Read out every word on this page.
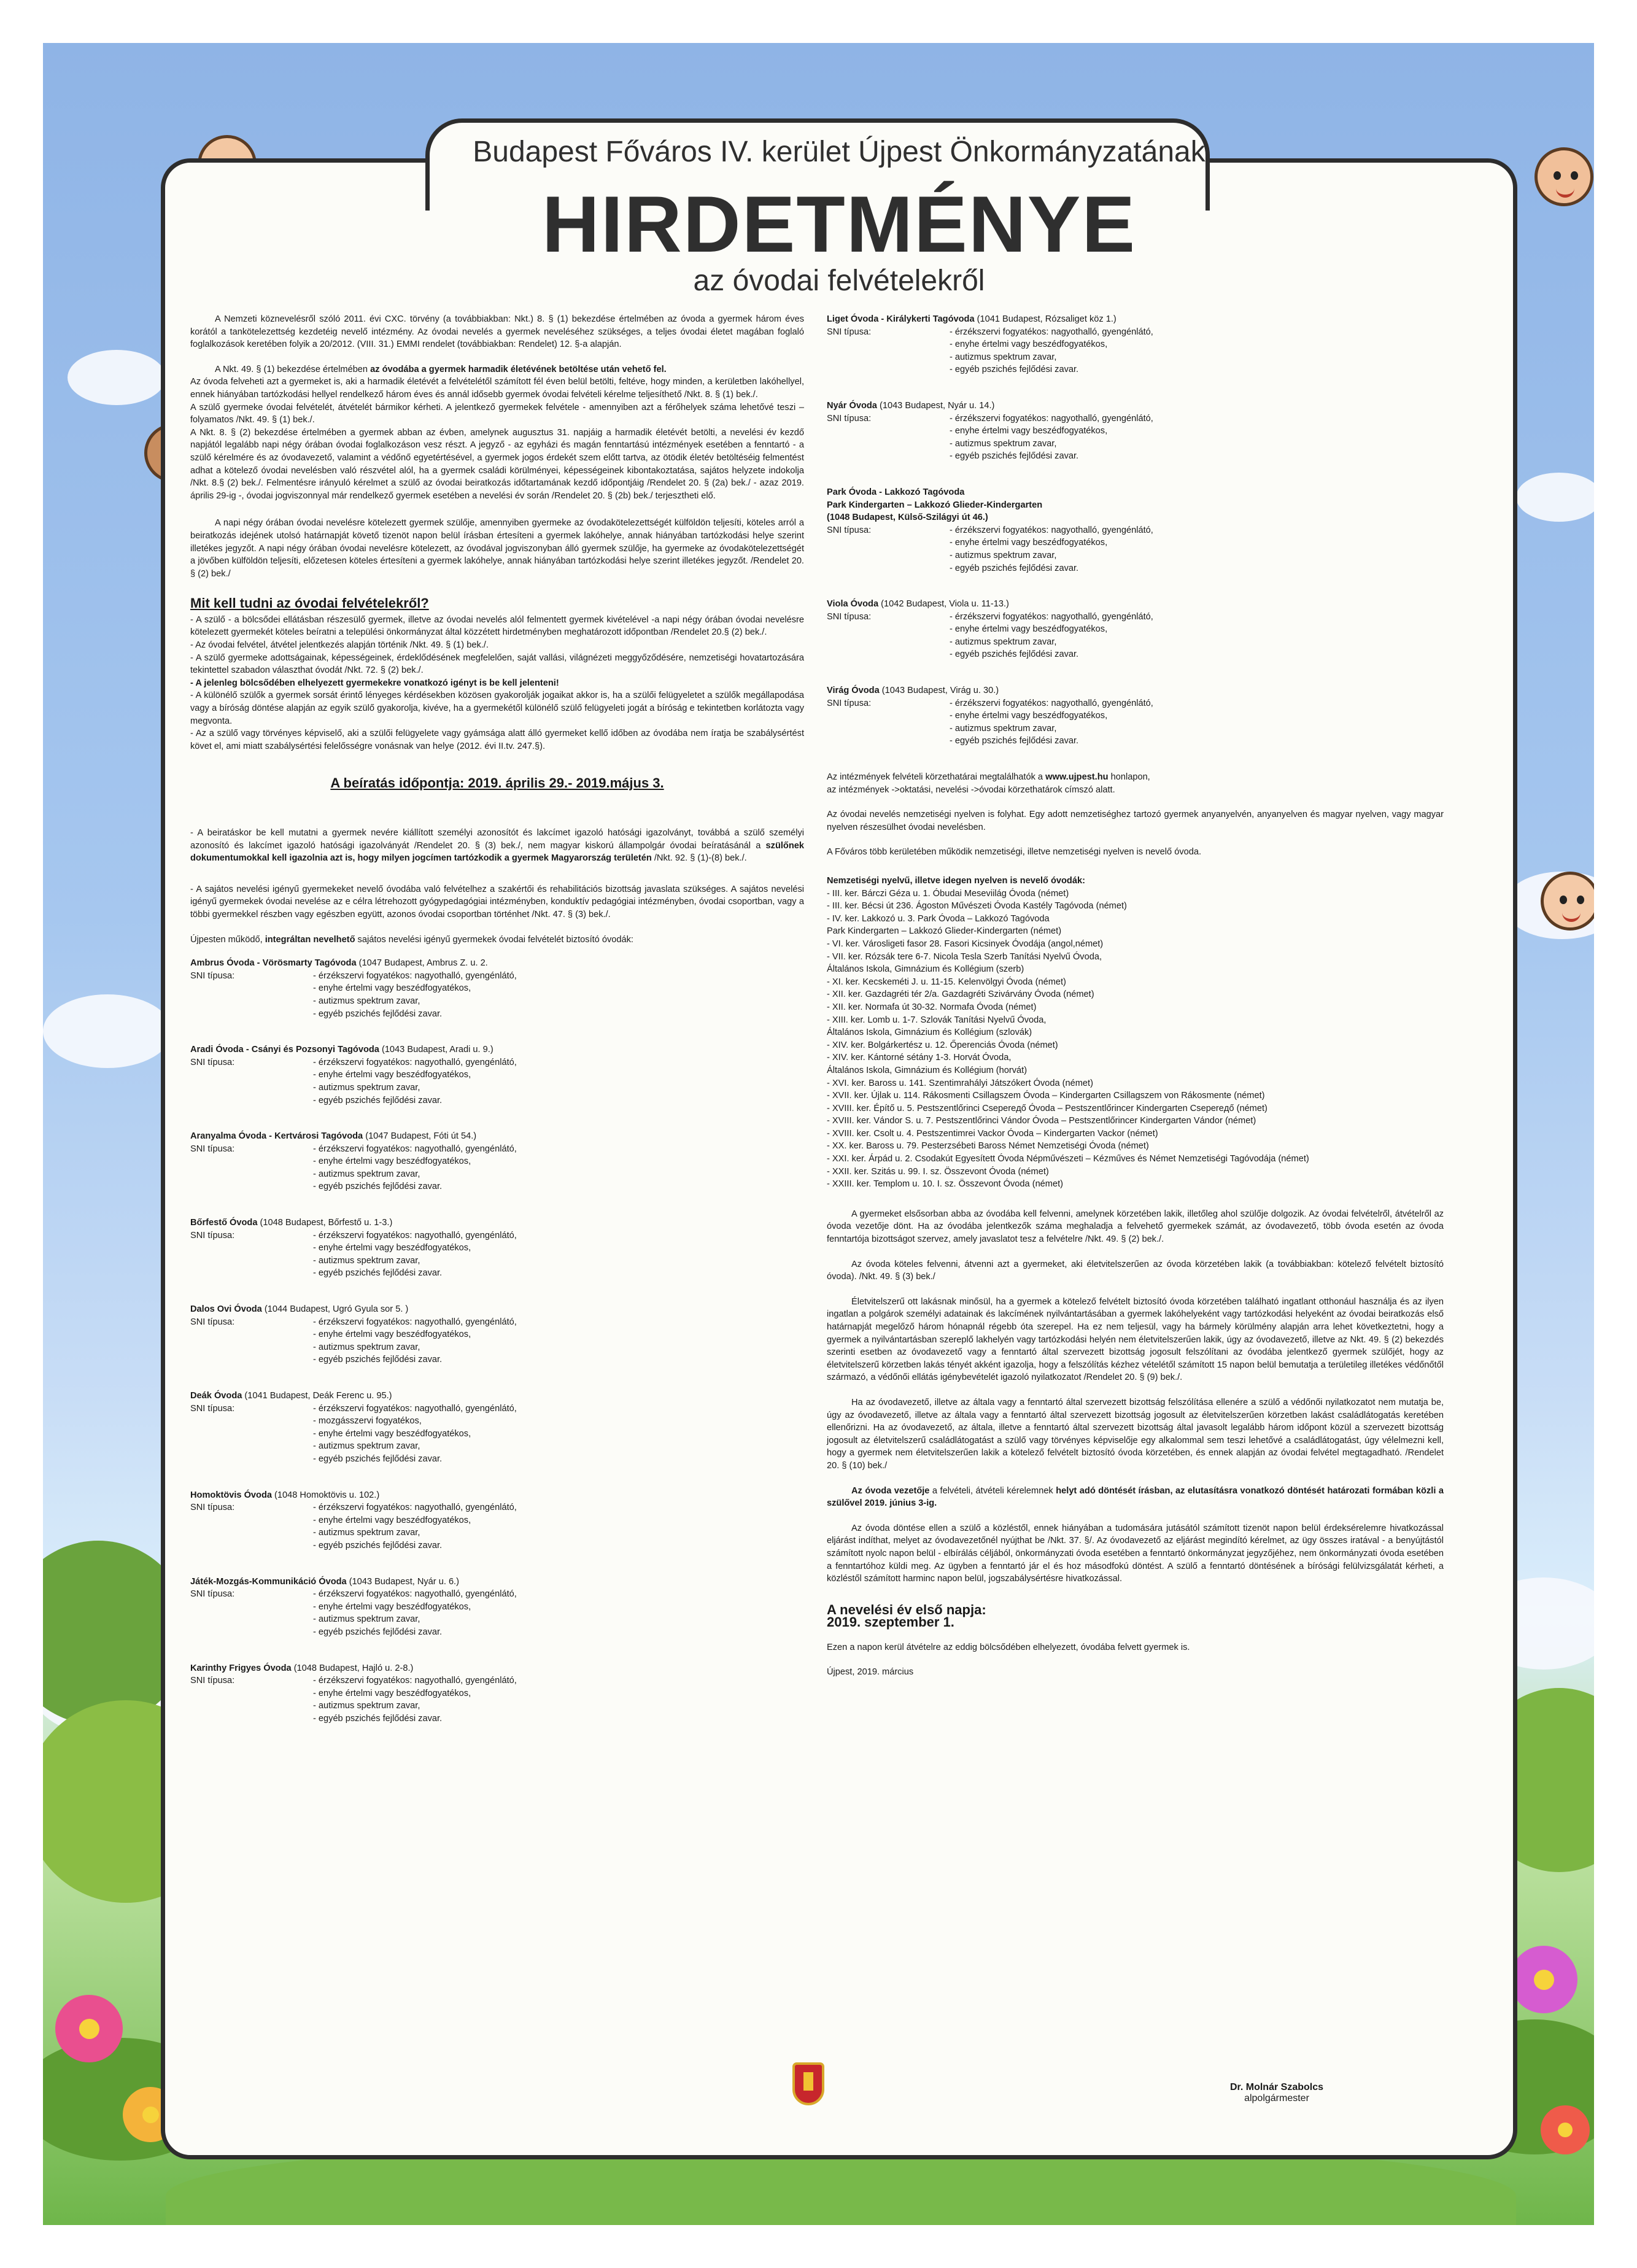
Budapest Főváros IV. kerület Újpest Önkormányzatának
HIRDETMÉNYE
az óvodai felvételekről

A Nemzeti köznevelésről szóló 2011. évi CXC. törvény (a továbbiakban: Nkt.) 8. § (1) bekezdése értelmében az óvoda a gyermek három éves korától a tankötelezettség kezdetéig nevelő intézmény. Az óvodai nevelés a gyermek neveléséhez szükséges, a teljes óvodai életet magában foglaló foglalkozások keretében folyik a 20/2012. (VIII. 31.) EMMI rendelet (továbbiakban: Rendelet) 12. §-a alapján.

A Nkt. 49. § (1) bekezdése értelmében az óvodába a gyermek harmadik életévének betöltése után vehető fel.

Az óvoda felveheti azt a gyermeket is, aki a harmadik életévét a felvételétől számított fél éven belül betölti, feltéve, hogy minden, a kerületben lakóhellyel, ennek hiányában tartózkodási hellyel rendelkező három éves és annál idősebb gyermek óvodai felvételi kérelme teljesíthető /Nkt. 8. § (1) bek./.

A szülő gyermeke óvodai felvételét, átvételét bármikor kérheti. A jelentkező gyermekek felvétele - amennyiben azt a férőhelyek száma lehetővé teszi – folyamatos /Nkt. 49. § (1) bek./.

A Nkt. 8. § (2) bekezdése értelmében a gyermek abban az évben, amelynek augusztus 31. napjáig a harmadik életévét betölti, a nevelési év kezdő napjától legalább napi négy órában óvodai foglalkozáson vesz részt. A jegyző - az egyházi és magán fenntartású intézmények esetében a fenntartó - a szülő kérelmére és az óvodavezető, valamint a védőnő egyetértésével, a gyermek jogos érdekét szem előtt tartva, az ötödik életév betöltéséig felmentést adhat a kötelező óvodai nevelésben való részvétel alól, ha a gyermek családi körülményei, képességeinek kibontakoztatása, sajátos helyzete indokolja /Nkt. 8.§ (2) bek./. Felmentésre irányuló kérelmet a szülő az óvodai beiratkozás időtartamának kezdő időpontjáig /Rendelet 20. § (2a) bek./ - azaz 2019. április 29-ig -, óvodai jogviszonnyal már rendelkező gyermek esetében a nevelési év során /Rendelet 20. § (2b) bek./ terjesztheti elő.

A napi négy órában óvodai nevelésre kötelezett gyermek szülője, amennyiben gyermeke az óvodakötelezettségét külföldön teljesíti, köteles arról a beiratkozás idejének utolsó határnapját követő tizenöt napon belül írásban értesíteni a gyermek lakóhelye, annak hiányában tartózkodási helye szerint illetékes jegyzőt. A napi négy órában óvodai nevelésre kötelezett, az óvodával jogviszonyban álló gyermek szülője, ha gyermeke az óvodakötelezettségét a jövőben külföldön teljesíti, előzetesen köteles értesíteni a gyermek lakóhelye, annak hiányában tartózkodási helye szerint illetékes jegyzőt. /Rendelet 20. § (2) bek./

Mit kell tudni az óvodai felvételekről?

- A szülő - a bölcsődei ellátásban részesülő gyermek, illetve az óvodai nevelés alól felmentett gyermek kivételével -a napi négy órában óvodai nevelésre kötelezett gyermekét köteles beíratni a települési önkormányzat által közzétett hirdetményben meghatározott időpontban /Rendelet 20.§ (2) bek./.

- Az óvodai felvétel, átvétel jelentkezés alapján történik /Nkt. 49. § (1) bek./.

- A szülő gyermeke adottságainak, képességeinek, érdeklődésének megfelelően, saját vallási, világnézeti meggyőződésére, nemzetiségi hovatartozására tekintettel szabadon választhat óvodát /Nkt. 72. § (2) bek./.

- A jelenleg bölcsődében elhelyezett gyermekekre vonatkozó igényt is be kell jelenteni!

- A különélő szülők a gyermek sorsát érintő lényeges kérdésekben közösen gyakorolják jogaikat akkor is, ha a szülői felügyeletet a szülők megállapodása vagy a bíróság döntése alapján az egyik szülő gyakorolja, kivéve, ha a gyermekétől különélő szülő felügyeleti jogát a bíróság e tekintetben korlátozta vagy megvonta.

- Az a szülő vagy törvényes képviselő, aki a szülői felügyelete vagy gyámsága alatt álló gyermeket kellő időben az óvodába nem íratja be szabálysértést követ el, ami miatt szabálysértési felelősségre vonásnak van helye (2012. évi II.tv. 247.§).

A beíratás időpontja: 2019. április 29.- 2019.május 3.

- A beiratáskor be kell mutatni a gyermek nevére kiállított személyi azonosítót és lakcímet igazoló hatósági igazolványt, továbbá a szülő személyi azonosító és lakcímet igazoló hatósági igazolványát /Rendelet 20. § (3) bek./, nem magyar kiskorú állampolgár óvodai beíratásánál a szülőnek dokumentumokkal kell igazolnia azt is, hogy milyen jogcímen tartózkodik a gyermek Magyarország területén /Nkt. 92. § (1)-(8) bek./.

- A sajátos nevelési igényű gyermekeket nevelő óvodába való felvételhez a szakértői és rehabilitációs bizottság javaslata szükséges. A sajátos nevelési igényű gyermekek óvodai nevelése az e célra létrehozott gyógypedagógiai intézményben, konduktív pedagógiai intézményben, óvodai csoportban, vagy a többi gyermekkel részben vagy egészben együtt, azonos óvodai csoportban történhet /Nkt. 47. § (3) bek./.

Újpesten működő, integráltan nevelhető sajátos nevelési igényű gyermekek óvodai felvételét biztosító óvodák:

Ambrus Óvoda - Vörösmarty Tagóvoda (1047 Budapest, Ambrus Z. u. 2.
SNI típusa:	- érzékszervi fogyatékos: nagyothalló, gyengénlátó,
- enyhe értelmi vagy beszédfogyatékos,
- autizmus spektrum zavar,
- egyéb pszichés fejlődési zavar.
Aradi Óvoda - Csányi és Pozsonyi Tagóvoda (1043 Budapest, Aradi u. 9.)
SNI típusa:	- érzékszervi fogyatékos: nagyothalló, gyengénlátó,
- enyhe értelmi vagy beszédfogyatékos,
- autizmus spektrum zavar,
- egyéb pszichés fejlődési zavar.
Aranyalma Óvoda - Kertvárosi Tagóvoda (1047 Budapest, Fóti út 54.)
SNI típusa:	- érzékszervi fogyatékos: nagyothalló, gyengénlátó,
- enyhe értelmi vagy beszédfogyatékos,
- autizmus spektrum zavar,
- egyéb pszichés fejlődési zavar.
Bőrfestő Óvoda (1048 Budapest, Bőrfestő u. 1-3.)
SNI típusa:	- érzékszervi fogyatékos: nagyothalló, gyengénlátó,
- enyhe értelmi vagy beszédfogyatékos,
- autizmus spektrum zavar,
- egyéb pszichés fejlődési zavar.
Dalos Ovi Óvoda (1044 Budapest, Ugró Gyula sor 5. )
SNI típusa:	- érzékszervi fogyatékos: nagyothalló, gyengénlátó,
- enyhe értelmi vagy beszédfogyatékos,
- autizmus spektrum zavar,
- egyéb pszichés fejlődési zavar.
Deák Óvoda (1041 Budapest, Deák Ferenc u. 95.)
SNI típusa:	- érzékszervi fogyatékos: nagyothalló, gyengénlátó,
- mozgásszervi fogyatékos,
- enyhe értelmi vagy beszédfogyatékos,
- autizmus spektrum zavar,
- egyéb pszichés fejlődési zavar.
Homoktövis Óvoda (1048 Homoktövis u. 102.)
SNI típusa:	- érzékszervi fogyatékos: nagyothalló, gyengénlátó,
- enyhe értelmi vagy beszédfogyatékos,
- autizmus spektrum zavar,
- egyéb pszichés fejlődési zavar.
Játék-Mozgás-Kommunikáció Óvoda (1043 Budapest, Nyár u. 6.)
SNI típusa:	- érzékszervi fogyatékos: nagyothalló, gyengénlátó,
- enyhe értelmi vagy beszédfogyatékos,
- autizmus spektrum zavar,
- egyéb pszichés fejlődési zavar.
Karinthy Frigyes Óvoda (1048 Budapest, Hajló u. 2-8.)
SNI típusa:	- érzékszervi fogyatékos: nagyothalló, gyengénlátó,
- enyhe értelmi vagy beszédfogyatékos,
- autizmus spektrum zavar,
- egyéb pszichés fejlődési zavar.
Liget Óvoda - Királykerti Tagóvoda (1041 Budapest, Rózsaliget köz 1.)
SNI típusa:	- érzékszervi fogyatékos: nagyothalló, gyengénlátó,
- enyhe értelmi vagy beszédfogyatékos,
- autizmus spektrum zavar,
- egyéb pszichés fejlődési zavar.
Nyár Óvoda (1043 Budapest, Nyár u. 14.)
SNI típusa:	- érzékszervi fogyatékos: nagyothalló, gyengénlátó,
- enyhe értelmi vagy beszédfogyatékos,
- autizmus spektrum zavar,
- egyéb pszichés fejlődési zavar.
Park Óvoda - Lakkozó Tagóvoda
Park Kindergarten – Lakkozó Glieder-Kindergarten
(1048 Budapest, Külső-Szilágyi út 46.)
SNI típusa:	- érzékszervi fogyatékos: nagyothalló, gyengénlátó,
- enyhe értelmi vagy beszédfogyatékos,
- autizmus spektrum zavar,
- egyéb pszichés fejlődési zavar.
Viola Óvoda (1042 Budapest, Viola u. 11-13.)
SNI típusa:	- érzékszervi fogyatékos: nagyothalló, gyengénlátó,
- enyhe értelmi vagy beszédfogyatékos,
- autizmus spektrum zavar,
- egyéb pszichés fejlődési zavar.
Virág Óvoda (1043 Budapest, Virág u. 30.)
SNI típusa:	- érzékszervi fogyatékos: nagyothalló, gyengénlátó,
- enyhe értelmi vagy beszédfogyatékos,
- autizmus spektrum zavar,
- egyéb pszichés fejlődési zavar.

Az intézmények felvételi körzethatárai megtalálhatók a www.ujpest.hu honlapon,

az intézmények ->oktatási, nevelési ->óvodai körzethatárok címszó alatt.

Az óvodai nevelés nemzetiségi nyelven is folyhat. Egy adott nemzetiséghez tartozó gyermek anyanyelvén, anyanyelven és magyar nyelven, vagy magyar nyelven részesülhet óvodai nevelésben.

A Főváros több kerületében működik nemzetiségi, illetve nemzetiségi nyelven is nevelő óvoda.

Nemzetiségi nyelvű, illetve idegen nyelven is nevelő óvodák:
- III. ker. Bárczi Géza u. 1. Óbudai Meseviilág Óvoda (német)
- III. ker. Bécsi út 236. Ágoston Művészeti Óvoda Kastély Tagóvoda (német)
- IV. ker. Lakkozó u. 3. Park Óvoda – Lakkozó Tagóvoda
Park Kindergarten – Lakkozó Glieder-Kindergarten (német)
- VI. ker. Városligeti fasor 28. Fasori Kicsinyek Óvodája (angol,német)
- VII. ker. Rózsák tere 6-7. Nicola Tesla Szerb Tanítási Nyelvű Óvoda,
Általános Iskola, Gimnázium és Kollégium (szerb)
- XI. ker. Kecskeméti J. u. 11-15. Kelenvölgyi Óvoda (német)
- XII. ker. Gazdagréti tér 2/a. Gazdagréti Szivárvány Óvoda (német)
- XII. ker. Normafa út 30-32. Normafa Óvoda (német)
- XIII. ker. Lomb u. 1-7. Szlovák Tanítási Nyelvű Óvoda,
Általános Iskola, Gimnázium és Kollégium (szlovák)
- XIV. ker. Bolgárkertész u. 12. Őperenciás Óvoda (német)
- XIV. ker. Kántorné sétány 1-3. Horvát Óvoda,
Általános Iskola, Gimnázium és Kollégium (horvát)
- XVI. ker. Baross u. 141. Szentimrahályi Játszókert Óvoda (német)
- XVII. ker. Újlak u. 114. Rákosmenti Csillagszem Óvoda – Kindergarten Csillagszem von Rákosmente (német)
- XVIII. ker. Építő u. 5. Pestszentlőrinci Csepereдő Óvoda – Pestszentlőrincer Kindergarten Csepereдő (német)
- XVIII. ker. Vándor S. u. 7. Pestszentlőrinci Vándor Óvoda – Pestszentlőrincer Kindergarten Vándor (német)
- XVIII. ker. Csolt u. 4. Pestszentimrei Vackor Óvoda – Kindergarten Vackor (német)
- XX. ker. Baross u. 79. Pesterzsébeti Baross Német Nemzetiségi Óvoda (német)
- XXI. ker. Árpád u. 2. Csodakút Egyesített Óvoda Népművészeti – Kézműves és Német Nemzetiségi Tagóvodája (német)
- XXII. ker. Szitás u. 99. I. sz. Összevont Óvoda (német)
- XXIII. ker. Templom u. 10. I. sz. Összevont Óvoda (német)

A gyermeket elsősorban abba az óvodába kell felvenni, amelynek körzetében lakik, illetőleg ahol szülője dolgozik. Az óvodai felvételről, átvételről az óvoda vezetője dönt. Ha az óvodába jelentkezők száma meghaladja a felvehető gyermekek számát, az óvodavezető, több óvoda esetén az óvoda fenntartója bizottságot szervez, amely javaslatot tesz a felvételre /Nkt. 49. § (2) bek./.

Az óvoda köteles felvenni, átvenni azt a gyermeket, aki életvitelszerűen az óvoda körzetében lakik (a továbbiakban: kötelező felvételt biztosító óvoda). /Nkt. 49. § (3) bek./

Életvitelszerű ott lakásnak minősül, ha a gyermek a kötelező felvételt biztosító óvoda körzetében található ingatlant otthonául használja és az ilyen ingatlan a polgárok személyi adatainak és lakcímének nyilvántartásában a gyermek lakóhelyeként vagy tartózkodási helyeként az óvodai beiratkozás első határnapját megelőző három hónapnál régebb óta szerepel. Ha ez nem teljesül, vagy ha bármely körülmény alapján arra lehet következtetni, hogy a gyermek a nyilvántartásban szereplő lakhelyén vagy tartózkodási helyén nem életvitelszerűen lakik, úgy az óvodavezető, illetve az Nkt. 49. § (2) bekezdés szerinti esetben az óvodavezető vagy a fenntartó által szervezett bizottság jogosult felszólítani az óvodába jelentkező gyermek szülőjét, hogy az életvitelszerű körzetben lakás tényét akként igazolja, hogy a felszólítás kézhez vételétől számított 15 napon belül bemutatja a területileg illetékes védőnőtől származó, a védőnői ellátás igénybevételét igazoló nyilatkozatot /Rendelet 20. § (9) bek./.

Ha az óvodavezető, illetve az általa vagy a fenntartó által szervezett bizottság felszólítása ellenére a szülő a védőnői nyilatkozatot nem mutatja be, úgy az óvodavezető, illetve az általa vagy a fenntartó által szervezett bizottság jogosult az életvitelszerűen körzetben lakást családlátogatás keretében ellenőrizni. Ha az óvodavezető, az általa, illetve a fenntartó által szervezett bizottság által javasolt legalább három időpont közül a szervezett bizottság jogosult az életvitelszerű családlátogatást a szülő vagy törvényes képviselője egy alkalommal sem teszi lehetővé a családlátogatást, úgy vélelmezni kell, hogy a gyermek nem életvitelszerűen lakik a kötelező felvételt biztosító óvoda körzetében, és ennek alapján az óvodai felvétel megtagadható. /Rendelet 20. § (10) bek./

Az óvoda vezetője a felvételi, átvételi kérelemnek helyt adó döntését írásban, az elutasításra vonatkozó döntését határozati formában közli a szülővel 2019. június 3-ig.

Az óvoda döntése ellen a szülő a közléstől, ennek hiányában a tudomására jutásától számított tizenöt napon belül érdeksérelemre hivatkozással eljárást indíthat, melyet az óvodavezetőnél nyújthat be /Nkt. 37. §/. Az óvodavezető az eljárást megindító kérelmet, az ügy összes iratával - a benyújtástól számított nyolc napon belül - elbírálás céljából, önkormányzati óvoda esetében a fenntartó önkormányzat jegyzőjéhez, nem önkormányzati óvoda esetében a fenntartóhoz küldi meg. Az ügyben a fenntartó jár el és hoz másodfokú döntést. A szülő a fenntartó döntésének a bírósági felülvizsgálatát kérheti, a közléstől számított harminc napon belül, jogszabálysértésre hivatkozással.

A nevelési év első napja:
2019. szeptember 1.

Ezen a napon kerül átvételre az eddig bölcsődében elhelyezett, óvodába felvett gyermek is.

Újpest, 2019. március

Dr. Molnár Szabolcs
alpolgármester
